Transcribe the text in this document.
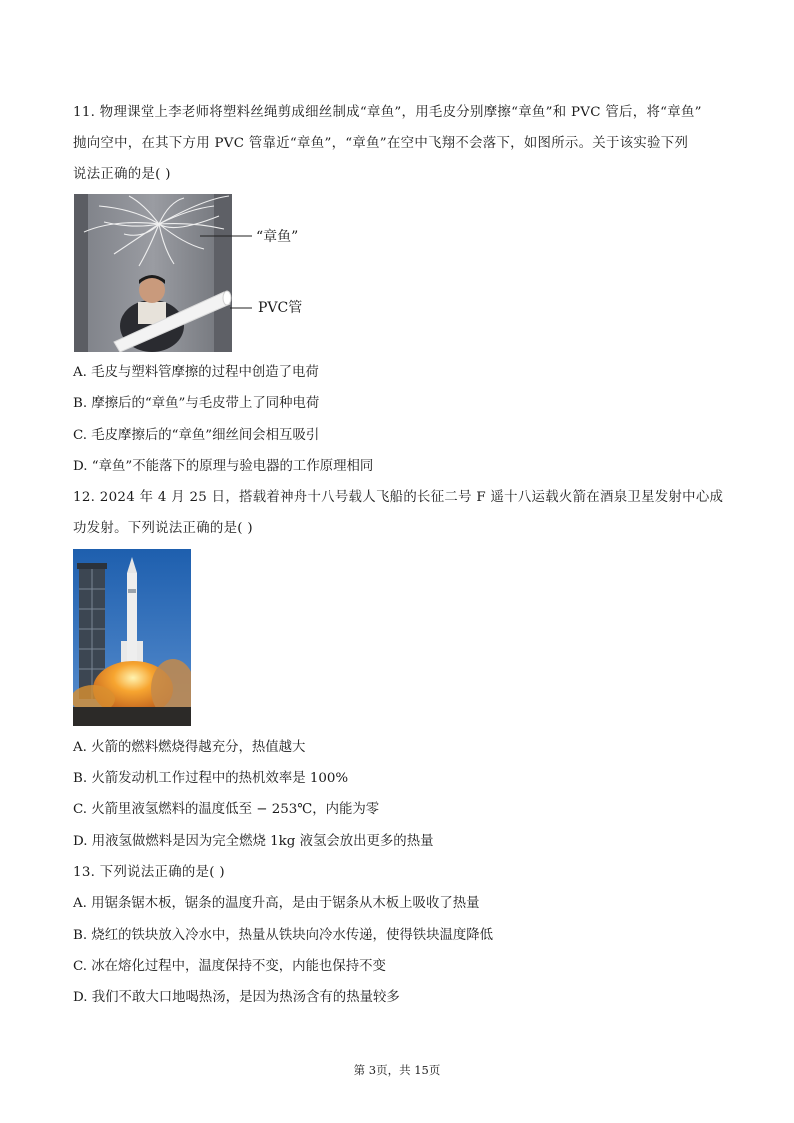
11. 物理课堂上李老师将塑料丝绳剪成细丝制成“章鱼”，用毛皮分别摩擦“章鱼”和 PVC 管后，将“章鱼”
抛向空中，在其下方用 PVC 管靠近“章鱼”，“章鱼”在空中飞翔不会落下，如图所示。关于该实验下列
说法正确的是( )
“章鱼”
PVC管
A. 毛皮与塑料管摩擦的过程中创造了电荷
B. 摩擦后的“章鱼”与毛皮带上了同种电荷
C. 毛皮摩擦后的“章鱼”细丝间会相互吸引
D. “章鱼”不能落下的原理与验电器的工作原理相同
12. 2024 年 4 月 25 日，搭载着神舟十八号载人飞船的长征二号 F 遥十八运载火箭在酒泉卫星发射中心成
功发射。下列说法正确的是( )
A. 火箭的燃料燃烧得越充分，热值越大
B. 火箭发动机工作过程中的热机效率是 100%
C. 火箭里液氢燃料的温度低至 − 253℃，内能为零
D. 用液氢做燃料是因为完全燃烧 1kg 液氢会放出更多的热量
13. 下列说法正确的是( )
A. 用锯条锯木板，锯条的温度升高，是由于锯条从木板上吸收了热量
B. 烧红的铁块放入冷水中，热量从铁块向冷水传递，使得铁块温度降低
C. 冰在熔化过程中，温度保持不变，内能也保持不变
D. 我们不敢大口地喝热汤，是因为热汤含有的热量较多
第 3页，共 15页
